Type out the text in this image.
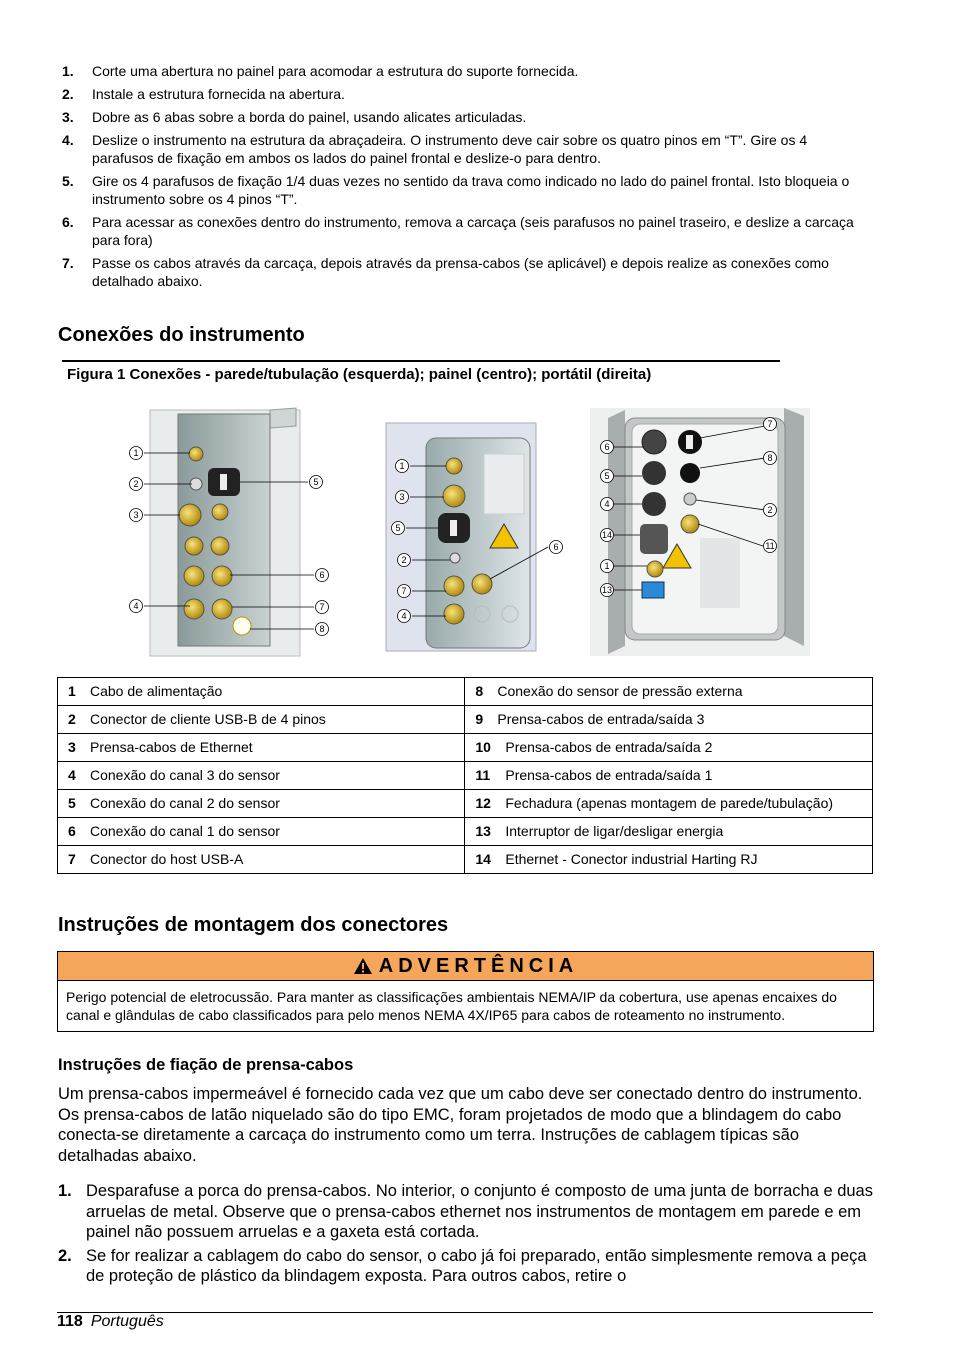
1.	Corte uma abertura no painel para acomodar a estrutura do suporte fornecida.
2.	Instale a estrutura fornecida na abertura.
3.	Dobre as 6 abas sobre a borda do painel, usando alicates articuladas.
4.	Deslize o instrumento na estrutura da abraçadeira. O instrumento deve cair sobre os quatro pinos em “T”. Gire os 4 parafusos de fixação em ambos os lados do painel frontal e deslize-o para dentro.
5.	Gire os 4 parafusos de fixação 1/4 duas vezes no sentido da trava como indicado no lado do painel frontal. Isto bloqueia o instrumento sobre os 4 pinos “T”.
6.	Para acessar as conexões dentro do instrumento, remova a carcaça (seis parafusos no painel traseiro, e deslize a carcaça para fora)
7.	Passe os cabos através da carcaça, depois através da prensa-cabos (se aplicável) e depois realize as conexões como detalhado abaixo.
Conexões do instrumento
Figura 1 Conexões - parede/tubulação (esquerda); painel (centro); portátil (direita)
1
2
3
4
5
6
7
8
1
3
5
2
7
4
6
6
5
4
14
1
13
7
8
2
11
1 Cabo de alimentação	8 Conexão do sensor de pressão externa

2 Conector de cliente USB-B de 4 pinos	9 Prensa-cabos de entrada/saída 3

3 Prensa-cabos de Ethernet	10 Prensa-cabos de entrada/saída 2

4 Conexão do canal 3 do sensor	11 Prensa-cabos de entrada/saída 1

5 Conexão do canal 2 do sensor	12 Fechadura (apenas montagem de parede/tubulação)

6 Conexão do canal 1 do sensor	13 Interruptor de ligar/desligar energia

7 Conector do host USB-A	14 Ethernet - Conector industrial Harting RJ
Instruções de montagem dos conectores
ADVERTÊNCIA
Perigo potencial de eletrocussão. Para manter as classificações ambientais NEMA/IP da cobertura, use apenas encaixes do canal e glândulas de cabo classificados para pelo menos NEMA 4X/IP65 para cabos de roteamento no instrumento.
Instruções de fiação de prensa-cabos
Um prensa-cabos impermeável é fornecido cada vez que um cabo deve ser conectado dentro do instrumento. Os prensa-cabos de latão niquelado são do tipo EMC, foram projetados de modo que a blindagem do cabo conecta-se diretamente a carcaça do instrumento como um terra. Instruções de cablagem típicas são detalhadas abaixo.
1. Desparafuse a porca do prensa-cabos. No interior, o conjunto é composto de uma junta de borracha e duas arruelas de metal. Observe que o prensa-cabos ethernet nos instrumentos de montagem em parede e em painel não possuem arruelas e a gaxeta está cortada.
2. Se for realizar a cablagem do cabo do sensor, o cabo já foi preparado, então simplesmente remova a peça de proteção de plástico da blindagem exposta. Para outros cabos, retire o
118 Português
